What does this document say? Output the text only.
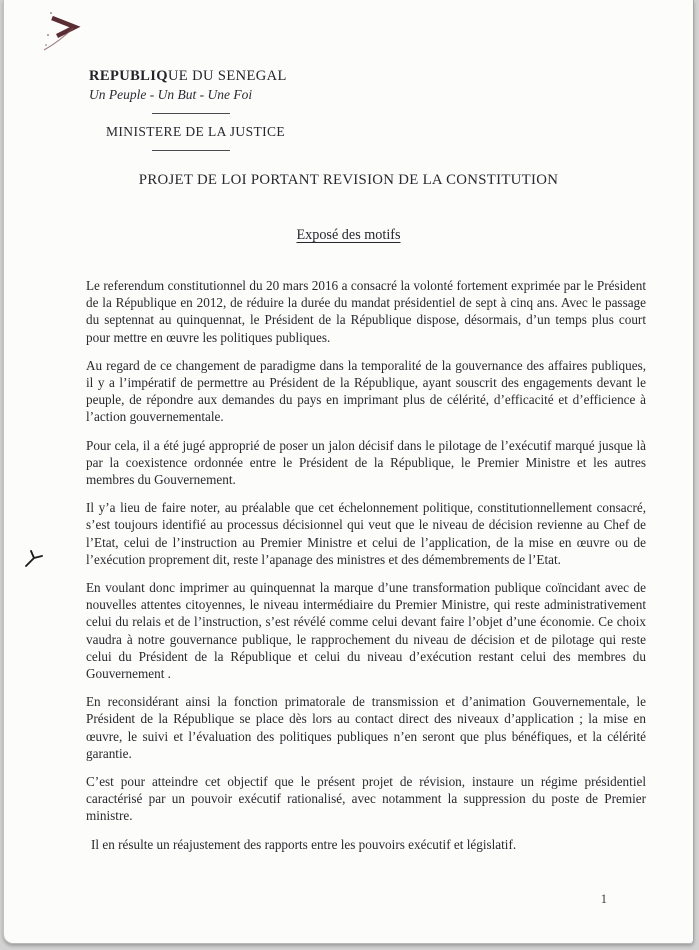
REPUBLIQUE DU SENEGAL
Un Peuple - Un But - Une Foi
MINISTERE DE LA JUSTICE
PROJET DE LOI PORTANT REVISION DE LA CONSTITUTION
Exposé des motifs

Le referendum constitutionnel du 20 mars 2016 a consacré la volonté fortement exprimée par le Président de la République en 2012, de réduire la durée du mandat présidentiel de sept à cinq ans. Avec le passage du septennat au quinquennat, le Président de la République dispose, désormais, d’un temps plus court pour mettre en œuvre les politiques publiques.

Au regard de ce changement de paradigme dans la temporalité de la gouvernance des affaires publiques, il y a l’impératif de permettre au Président de la République, ayant souscrit des engagements devant le peuple, de répondre aux demandes du pays en imprimant plus de célérité, d’efficacité et d’efficience à l’action gouvernementale.

Pour cela, il a été jugé approprié de poser un jalon décisif dans le pilotage de l’exécutif marqué jusque là par la coexistence ordonnée entre le Président de la République, le Premier Ministre et les autres membres du Gouvernement.

Il y’a lieu de faire noter, au préalable que cet échelonnement politique, constitutionnellement consacré, s’est toujours identifié au processus décisionnel qui veut que le niveau de décision revienne au Chef de l’Etat, celui de l’instruction au Premier Ministre et celui de l’application, de la mise en œuvre ou de l’exécution proprement dit, reste l’apanage des ministres et des démembrements de l’Etat.

En voulant donc imprimer au quinquennat la marque d’une transformation publique coïncidant avec de nouvelles attentes citoyennes, le niveau intermédiaire du Premier Ministre, qui reste administrativement celui du relais et de l’instruction, s’est révélé comme celui devant faire l’objet d’une économie. Ce choix vaudra à notre gouvernance publique, le rapprochement du niveau de décision et de pilotage qui reste celui du Président de la République et celui du niveau d’exécution restant celui des membres du Gouvernement .

En reconsidérant ainsi la fonction primatorale de transmission et d’animation Gouvernementale, le Président de la République se place dès lors au contact direct des niveaux d’application ; la mise en œuvre, le suivi et l’évaluation des politiques publiques n’en seront que plus bénéfiques, et la célérité garantie.

C’est pour atteindre cet objectif que le présent projet de révision, instaure un régime présidentiel caractérisé par un pouvoir exécutif rationalisé, avec notamment la suppression du poste de Premier ministre.

Il en résulte un réajustement des rapports entre les pouvoirs exécutif et législatif.

1
